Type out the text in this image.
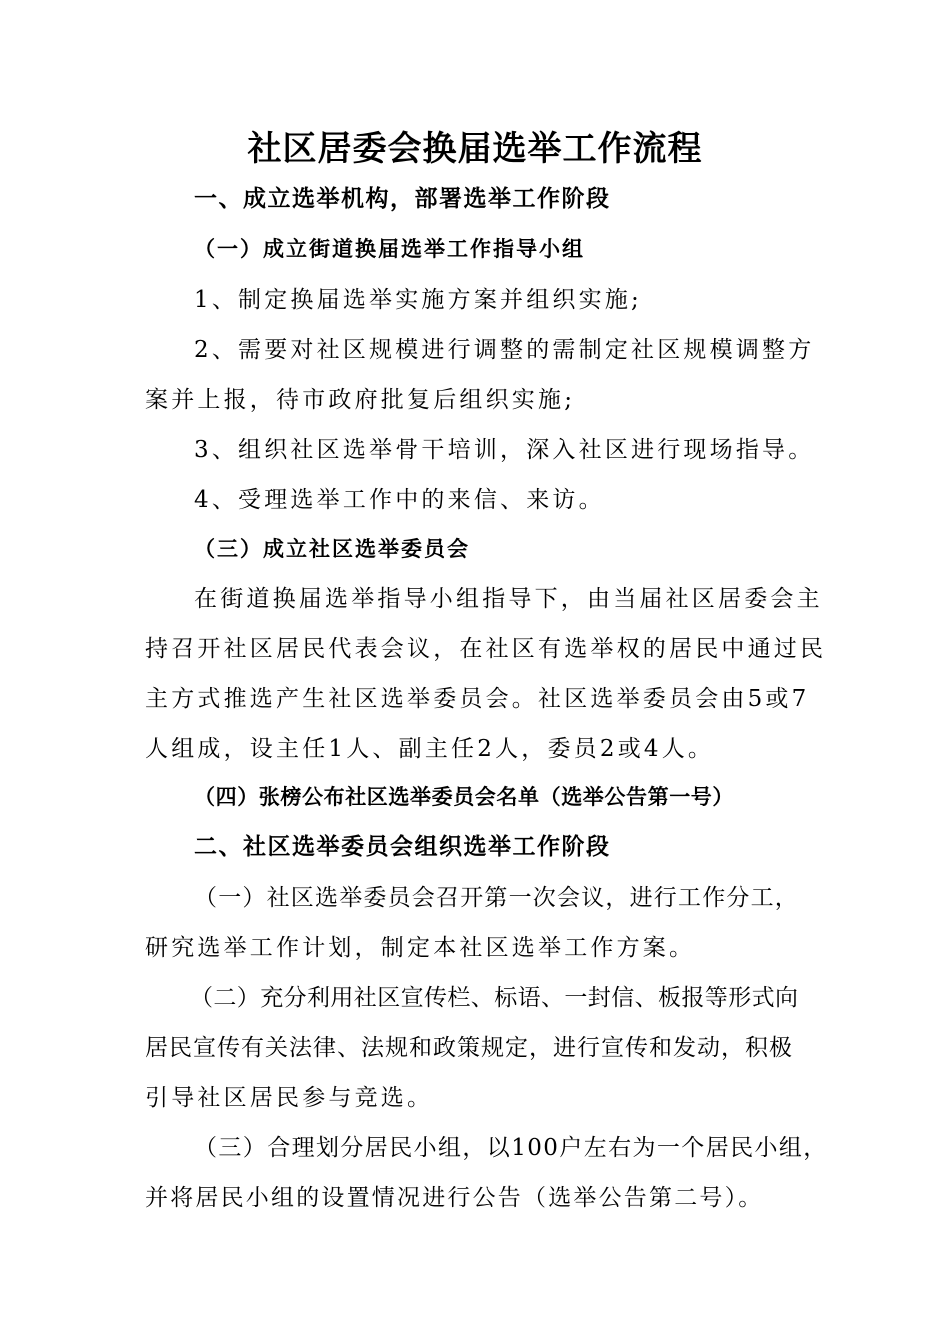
社区居委会换届选举工作流程
一、成立选举机构，部署选举工作阶段
（一）成立街道换届选举工作指导小组
1、制定换届选举实施方案并组织实施;
2、需要对社区规模进行调整的需制定社区规模调整方
案并上报，待市政府批复后组织实施;
3、组织社区选举骨干培训，深入社区进行现场指导。
4、受理选举工作中的来信、来访。
（三）成立社区选举委员会
在街道换届选举指导小组指导下，由当届社区居委会主
持召开社区居民代表会议，在社区有选举权的居民中通过民
主方式推选产生社区选举委员会。社区选举委员会由5或7
人组成，设主任1人、副主任2人，委员2或4人。
（四）张榜公布社区选举委员会名单（选举公告第一号）
二、社区选举委员会组织选举工作阶段
（一）社区选举委员会召开第一次会议，进行工作分工，
研究选举工作计划，制定本社区选举工作方案。
（二）充分利用社区宣传栏、标语、一封信、板报等形式向
居民宣传有关法律、法规和政策规定，进行宣传和发动，积极
引导社区居民参与竞选。
（三）合理划分居民小组，以100户左右为一个居民小组，
并将居民小组的设置情况进行公告（选举公告第二号）。
